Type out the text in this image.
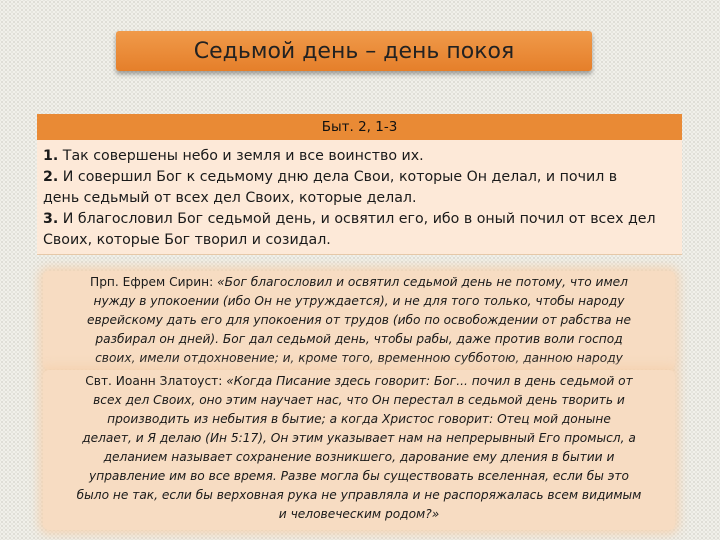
Седьмой день – день покоя
Быт. 2, 1-3
1. Так совершены небо и земля и все воинство их.
2. И совершил Бог к седьмому дню дела Свои, которые Он делал, и почил в
день седьмый от всех дел Своих, которые делал.
3. И благословил Бог седьмой день, и освятил его, ибо в оный почил от всех дел
Своих, которые Бог творил и созидал.
Прп. Ефрем Сирин: «Бог благословил и освятил седьмой день не потому, что имел
нужду в упокоении (ибо Он не утруждается), и не для того только, чтобы народу
еврейскому дать его для упокоения от трудов (ибо по освобождении от рабства не
разбирал он дней). Бог дал седьмой день, чтобы рабы, даже против воли господ
своих, имели отдохновение; и, кроме того, временною субботою, данною народу
Свт. Иоанн Златоуст: «Когда Писание здесь говорит: Бог... почил в день седьмой от
всех дел Своих, оно этим научает нас, что Он перестал в седьмой день творить и
производить из небытия в бытие; а когда Христос говорит: Отец мой доныне
делает, и Я делаю (Ин 5:17), Он этим указывает нам на непрерывный Его промысл, а
деланием называет сохранение возникшего, дарование ему дления в бытии и
управление им во все время. Разве могла бы существовать вселенная, если бы это
было не так, если бы верховная рука не управляла и не распоряжалась всем видимым
и человеческим родом?»
